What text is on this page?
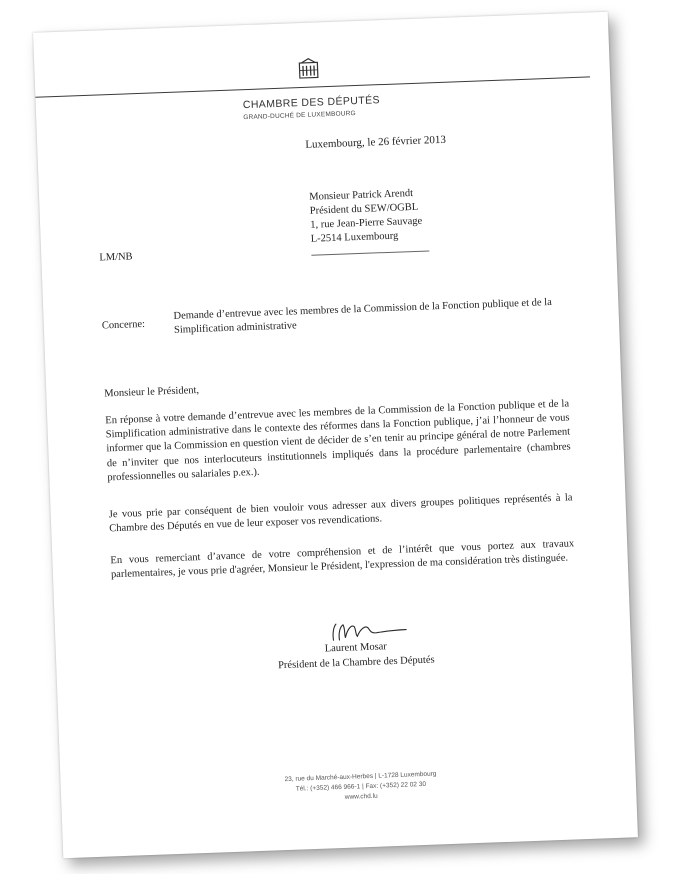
CHAMBRE DES DÉPUTÉS
GRAND-DUCHÉ DE LUXEMBOURG
Luxembourg, le 26 février 2013
Monsieur Patrick Arendt
Président du SEW/OGBL
1, rue Jean-Pierre Sauvage
L-2514 Luxembourg
LM/NB
Concerne:
Demande d’entrevue avec les membres de la Commission de la Fonction publique et de la Simplification administrative
Monsieur le Président,
En réponse à votre demande d’entrevue avec les membres de la Commission de la Fonction publique et de la Simplification administrative dans le contexte des réformes dans la Fonction publique, j’ai l’honneur de vous informer que la Commission en question vient de décider de s’en tenir au principe général de notre Parlement de n’inviter que nos interlocuteurs institutionnels impliqués dans la procédure parlementaire (chambres professionnelles ou salariales p.ex.).
Je vous prie par conséquent de bien vouloir vous adresser aux divers groupes politiques représentés à la Chambre des Députés en vue de leur exposer vos revendications.
En vous remerciant d’avance de votre compréhension et de l’intérêt que vous portez aux travaux parlementaires, je vous prie d'agréer, Monsieur le Président, l'expression de ma considération très distinguée.
Laurent Mosar
Président de la Chambre des Députés
23, rue du Marché-aux-Herbes | L-1728 Luxembourg
Tél.: (+352) 466 966-1 | Fax: (+352) 22 02 30
www.chd.lu
